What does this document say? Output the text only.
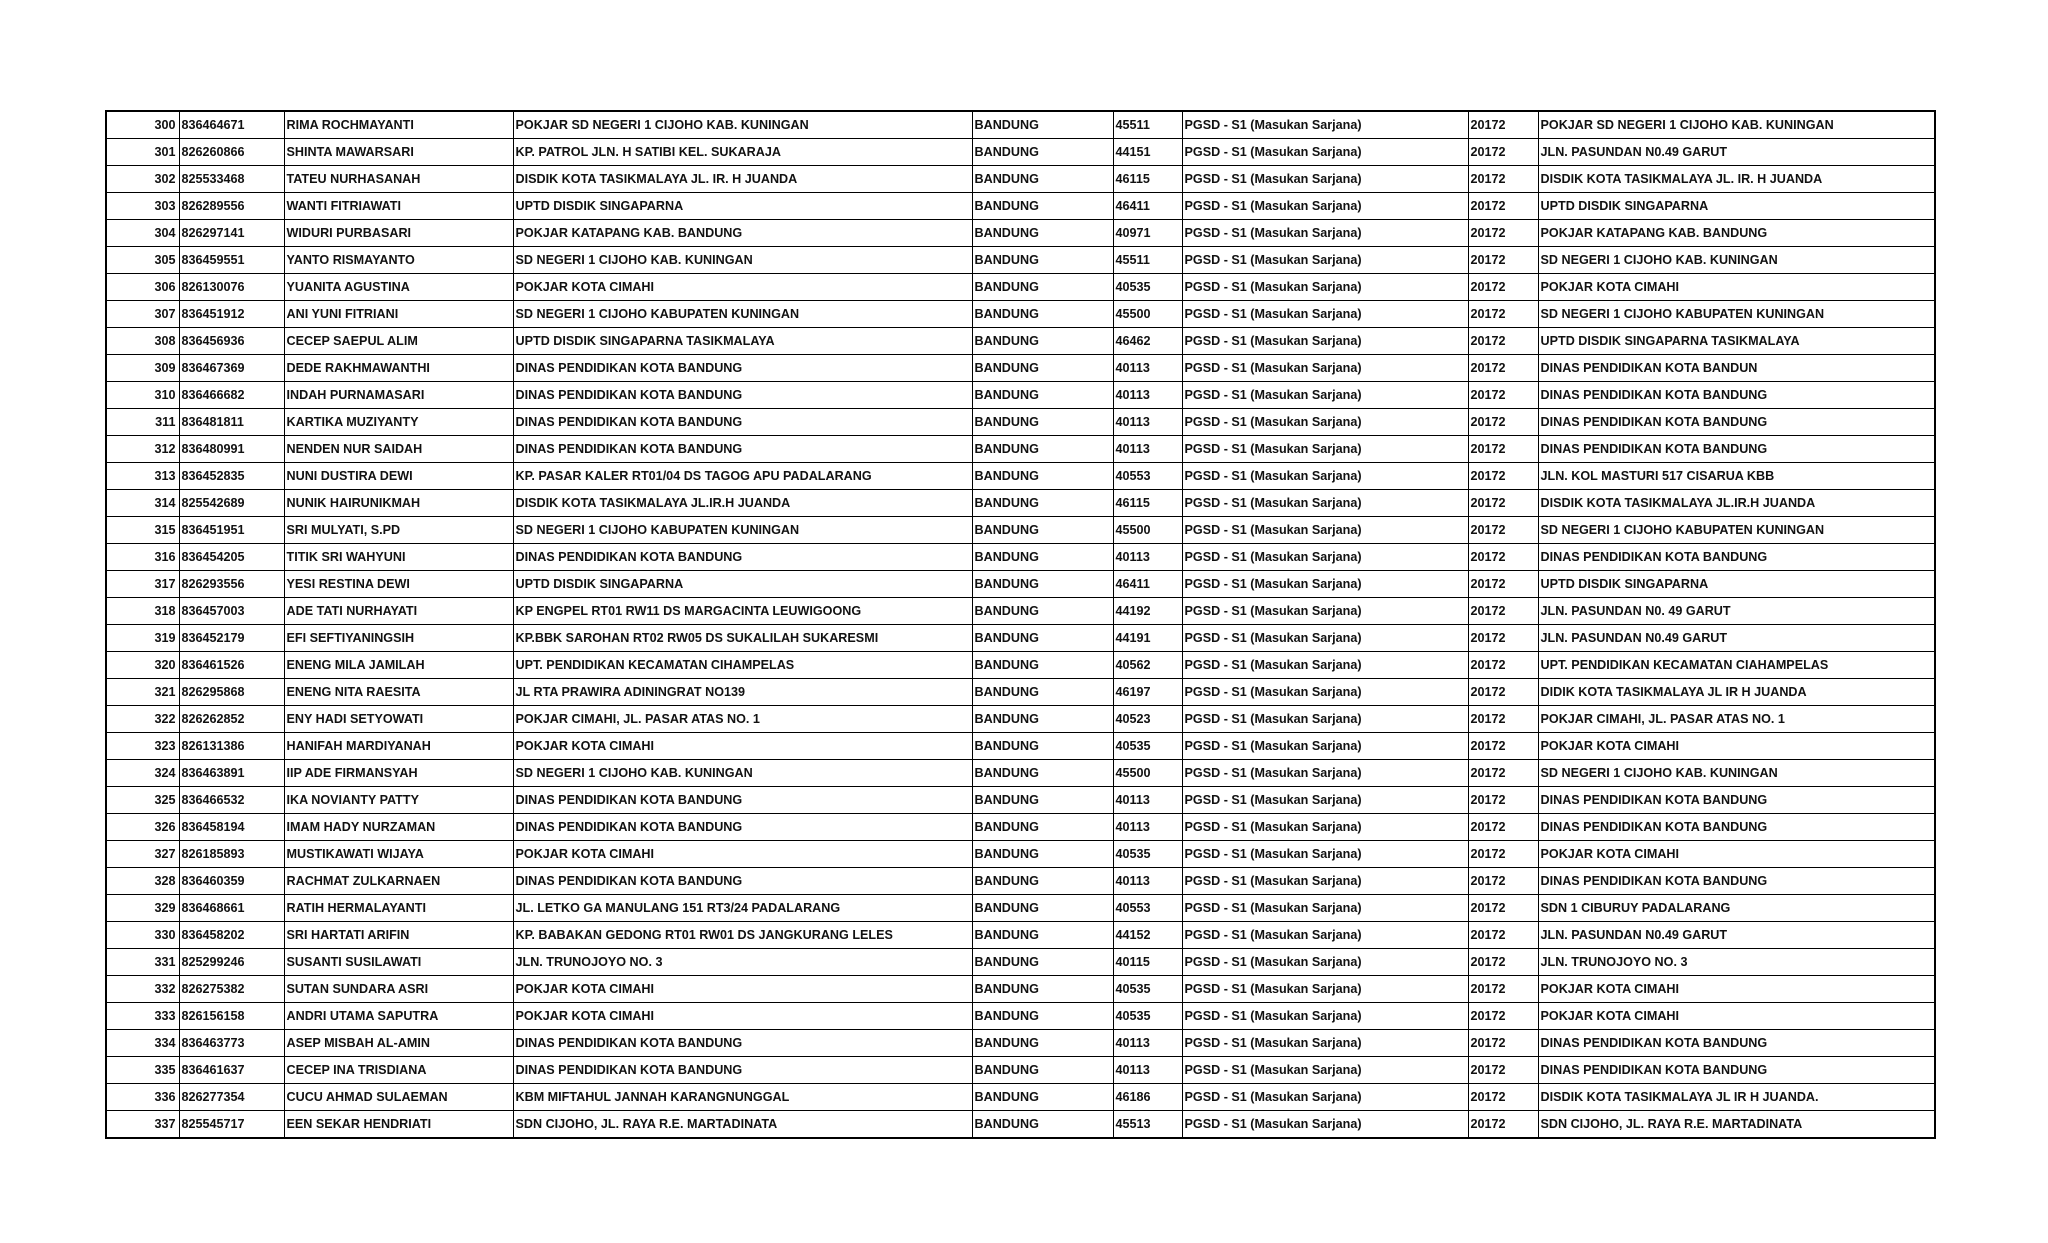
300	836464671	RIMA ROCHMAYANTI	POKJAR SD NEGERI 1 CIJOHO KAB. KUNINGAN	BANDUNG	45511	PGSD - S1 (Masukan Sarjana)	20172	POKJAR SD NEGERI 1 CIJOHO KAB. KUNINGAN
301	826260866	SHINTA MAWARSARI	KP. PATROL JLN. H SATIBI KEL. SUKARAJA	BANDUNG	44151	PGSD - S1 (Masukan Sarjana)	20172	JLN. PASUNDAN N0.49 GARUT
302	825533468	TATEU NURHASANAH	DISDIK KOTA TASIKMALAYA JL. IR. H JUANDA	BANDUNG	46115	PGSD - S1 (Masukan Sarjana)	20172	DISDIK KOTA TASIKMALAYA JL. IR. H JUANDA
303	826289556	WANTI FITRIAWATI	UPTD DISDIK SINGAPARNA	BANDUNG	46411	PGSD - S1 (Masukan Sarjana)	20172	UPTD DISDIK SINGAPARNA
304	826297141	WIDURI PURBASARI	POKJAR KATAPANG KAB. BANDUNG	BANDUNG	40971	PGSD - S1 (Masukan Sarjana)	20172	POKJAR KATAPANG KAB. BANDUNG
305	836459551	YANTO RISMAYANTO	SD NEGERI 1 CIJOHO KAB. KUNINGAN	BANDUNG	45511	PGSD - S1 (Masukan Sarjana)	20172	SD NEGERI 1 CIJOHO KAB. KUNINGAN
306	826130076	YUANITA AGUSTINA	POKJAR KOTA CIMAHI	BANDUNG	40535	PGSD - S1 (Masukan Sarjana)	20172	POKJAR KOTA CIMAHI
307	836451912	ANI YUNI FITRIANI	SD NEGERI 1 CIJOHO KABUPATEN KUNINGAN	BANDUNG	45500	PGSD - S1 (Masukan Sarjana)	20172	SD NEGERI 1 CIJOHO KABUPATEN KUNINGAN
308	836456936	CECEP SAEPUL ALIM	UPTD DISDIK SINGAPARNA TASIKMALAYA	BANDUNG	46462	PGSD - S1 (Masukan Sarjana)	20172	UPTD DISDIK SINGAPARNA TASIKMALAYA
309	836467369	DEDE RAKHMAWANTHI	DINAS PENDIDIKAN KOTA BANDUNG	BANDUNG	40113	PGSD - S1 (Masukan Sarjana)	20172	DINAS PENDIDIKAN KOTA BANDUN
310	836466682	INDAH PURNAMASARI	DINAS PENDIDIKAN KOTA BANDUNG	BANDUNG	40113	PGSD - S1 (Masukan Sarjana)	20172	DINAS PENDIDIKAN KOTA BANDUNG
311	836481811	KARTIKA MUZIYANTY	DINAS PENDIDIKAN KOTA BANDUNG	BANDUNG	40113	PGSD - S1 (Masukan Sarjana)	20172	DINAS PENDIDIKAN KOTA BANDUNG
312	836480991	NENDEN NUR SAIDAH	DINAS PENDIDIKAN KOTA BANDUNG	BANDUNG	40113	PGSD - S1 (Masukan Sarjana)	20172	DINAS PENDIDIKAN KOTA BANDUNG
313	836452835	NUNI DUSTIRA DEWI	KP. PASAR KALER RT01/04 DS TAGOG APU PADALARANG	BANDUNG	40553	PGSD - S1 (Masukan Sarjana)	20172	JLN. KOL MASTURI 517 CISARUA KBB
314	825542689	NUNIK HAIRUNIKMAH	DISDIK KOTA TASIKMALAYA JL.IR.H JUANDA	BANDUNG	46115	PGSD - S1 (Masukan Sarjana)	20172	DISDIK KOTA TASIKMALAYA JL.IR.H JUANDA
315	836451951	SRI MULYATI, S.PD	SD NEGERI 1 CIJOHO KABUPATEN KUNINGAN	BANDUNG	45500	PGSD - S1 (Masukan Sarjana)	20172	SD NEGERI 1 CIJOHO KABUPATEN KUNINGAN
316	836454205	TITIK SRI WAHYUNI	DINAS PENDIDIKAN KOTA BANDUNG	BANDUNG	40113	PGSD - S1 (Masukan Sarjana)	20172	DINAS PENDIDIKAN KOTA BANDUNG
317	826293556	YESI RESTINA DEWI	UPTD DISDIK SINGAPARNA	BANDUNG	46411	PGSD - S1 (Masukan Sarjana)	20172	UPTD DISDIK SINGAPARNA
318	836457003	ADE TATI NURHAYATI	KP ENGPEL RT01 RW11 DS MARGACINTA LEUWIGOONG	BANDUNG	44192	PGSD - S1 (Masukan Sarjana)	20172	JLN. PASUNDAN N0. 49 GARUT
319	836452179	EFI SEFTIYANINGSIH	KP.BBK SAROHAN RT02 RW05 DS SUKALILAH SUKARESMI	BANDUNG	44191	PGSD - S1 (Masukan Sarjana)	20172	JLN. PASUNDAN N0.49 GARUT
320	836461526	ENENG MILA JAMILAH	UPT. PENDIDIKAN KECAMATAN CIHAMPELAS	BANDUNG	40562	PGSD - S1 (Masukan Sarjana)	20172	UPT. PENDIDIKAN KECAMATAN CIAHAMPELAS
321	826295868	ENENG NITA RAESITA	JL RTA PRAWIRA ADININGRAT NO139	BANDUNG	46197	PGSD - S1 (Masukan Sarjana)	20172	DIDIK KOTA TASIKMALAYA JL IR H JUANDA
322	826262852	ENY HADI SETYOWATI	POKJAR CIMAHI, JL. PASAR ATAS NO. 1	BANDUNG	40523	PGSD - S1 (Masukan Sarjana)	20172	POKJAR CIMAHI, JL. PASAR ATAS NO. 1
323	826131386	HANIFAH MARDIYANAH	POKJAR KOTA CIMAHI	BANDUNG	40535	PGSD - S1 (Masukan Sarjana)	20172	POKJAR KOTA CIMAHI
324	836463891	IIP ADE FIRMANSYAH	SD NEGERI 1 CIJOHO KAB. KUNINGAN	BANDUNG	45500	PGSD - S1 (Masukan Sarjana)	20172	SD NEGERI 1 CIJOHO KAB. KUNINGAN
325	836466532	IKA NOVIANTY PATTY	DINAS PENDIDIKAN KOTA BANDUNG	BANDUNG	40113	PGSD - S1 (Masukan Sarjana)	20172	DINAS PENDIDIKAN KOTA BANDUNG
326	836458194	IMAM HADY NURZAMAN	DINAS PENDIDIKAN KOTA BANDUNG	BANDUNG	40113	PGSD - S1 (Masukan Sarjana)	20172	DINAS PENDIDIKAN KOTA BANDUNG
327	826185893	MUSTIKAWATI WIJAYA	POKJAR KOTA CIMAHI	BANDUNG	40535	PGSD - S1 (Masukan Sarjana)	20172	POKJAR KOTA CIMAHI
328	836460359	RACHMAT ZULKARNAEN	DINAS PENDIDIKAN KOTA BANDUNG	BANDUNG	40113	PGSD - S1 (Masukan Sarjana)	20172	DINAS PENDIDIKAN KOTA BANDUNG
329	836468661	RATIH HERMALAYANTI	JL. LETKO GA MANULANG 151 RT3/24 PADALARANG	BANDUNG	40553	PGSD - S1 (Masukan Sarjana)	20172	SDN 1 CIBURUY PADALARANG
330	836458202	SRI HARTATI ARIFIN	KP. BABAKAN GEDONG RT01 RW01 DS JANGKURANG LELES	BANDUNG	44152	PGSD - S1 (Masukan Sarjana)	20172	JLN. PASUNDAN N0.49 GARUT
331	825299246	SUSANTI SUSILAWATI	JLN. TRUNOJOYO NO. 3	BANDUNG	40115	PGSD - S1 (Masukan Sarjana)	20172	JLN. TRUNOJOYO NO. 3
332	826275382	SUTAN SUNDARA ASRI	POKJAR KOTA CIMAHI	BANDUNG	40535	PGSD - S1 (Masukan Sarjana)	20172	POKJAR KOTA CIMAHI
333	826156158	ANDRI UTAMA SAPUTRA	POKJAR KOTA CIMAHI	BANDUNG	40535	PGSD - S1 (Masukan Sarjana)	20172	POKJAR KOTA CIMAHI
334	836463773	ASEP MISBAH AL-AMIN	DINAS PENDIDIKAN KOTA BANDUNG	BANDUNG	40113	PGSD - S1 (Masukan Sarjana)	20172	DINAS PENDIDIKAN KOTA BANDUNG
335	836461637	CECEP INA TRISDIANA	DINAS PENDIDIKAN KOTA BANDUNG	BANDUNG	40113	PGSD - S1 (Masukan Sarjana)	20172	DINAS PENDIDIKAN KOTA BANDUNG
336	826277354	CUCU AHMAD SULAEMAN	KBM MIFTAHUL JANNAH KARANGNUNGGAL	BANDUNG	46186	PGSD - S1 (Masukan Sarjana)	20172	DISDIK KOTA TASIKMALAYA JL IR H JUANDA.
337	825545717	EEN SEKAR HENDRIATI	SDN CIJOHO, JL. RAYA R.E. MARTADINATA	BANDUNG	45513	PGSD - S1 (Masukan Sarjana)	20172	SDN CIJOHO, JL. RAYA R.E. MARTADINATA
